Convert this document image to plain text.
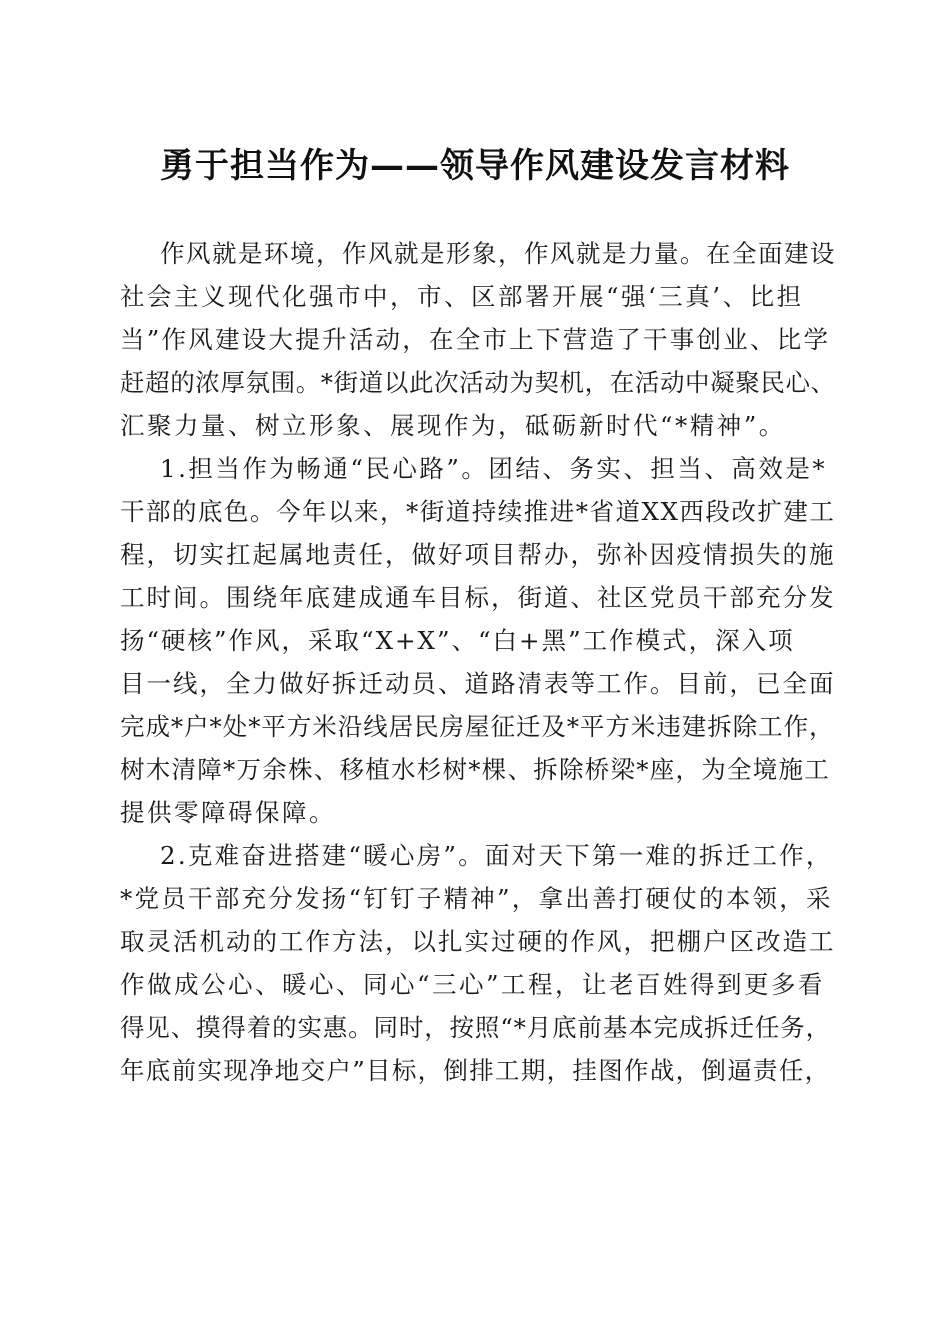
勇于担当作为——领导作风建设发言材料
作风就是环境，作风就是形象，作风就是力量。在全面建设
社会主义现代化强市中，市、区部署开展“强‘三真’、比担
当”作风建设大提升活动，在全市上下营造了干事创业、比学
赶超的浓厚氛围。*街道以此次活动为契机，在活动中凝聚民心、
汇聚力量、树立形象、展现作为，砥砺新时代“*精神”。
1.担当作为畅通“民心路”。团结、务实、担当、高效是*
干部的底色。今年以来，*街道持续推进*省道XX西段改扩建工
程，切实扛起属地责任，做好项目帮办，弥补因疫情损失的施
工时间。围绕年底建成通车目标，街道、社区党员干部充分发
扬“硬核”作风，采取“X+X”、“白+黑”工作模式，深入项
目一线，全力做好拆迁动员、道路清表等工作。目前，已全面
完成*户*处*平方米沿线居民房屋征迁及*平方米违建拆除工作，
树木清障*万余株、移植水杉树*棵、拆除桥梁*座，为全境施工
提供零障碍保障。
2.克难奋进搭建“暖心房”。面对天下第一难的拆迁工作，
*党员干部充分发扬“钉钉子精神”，拿出善打硬仗的本领，采
取灵活机动的工作方法，以扎实过硬的作风，把棚户区改造工
作做成公心、暖心、同心“三心”工程，让老百姓得到更多看
得见、摸得着的实惠。同时，按照“*月底前基本完成拆迁任务，
年底前实现净地交户”目标，倒排工期，挂图作战，倒逼责任，
